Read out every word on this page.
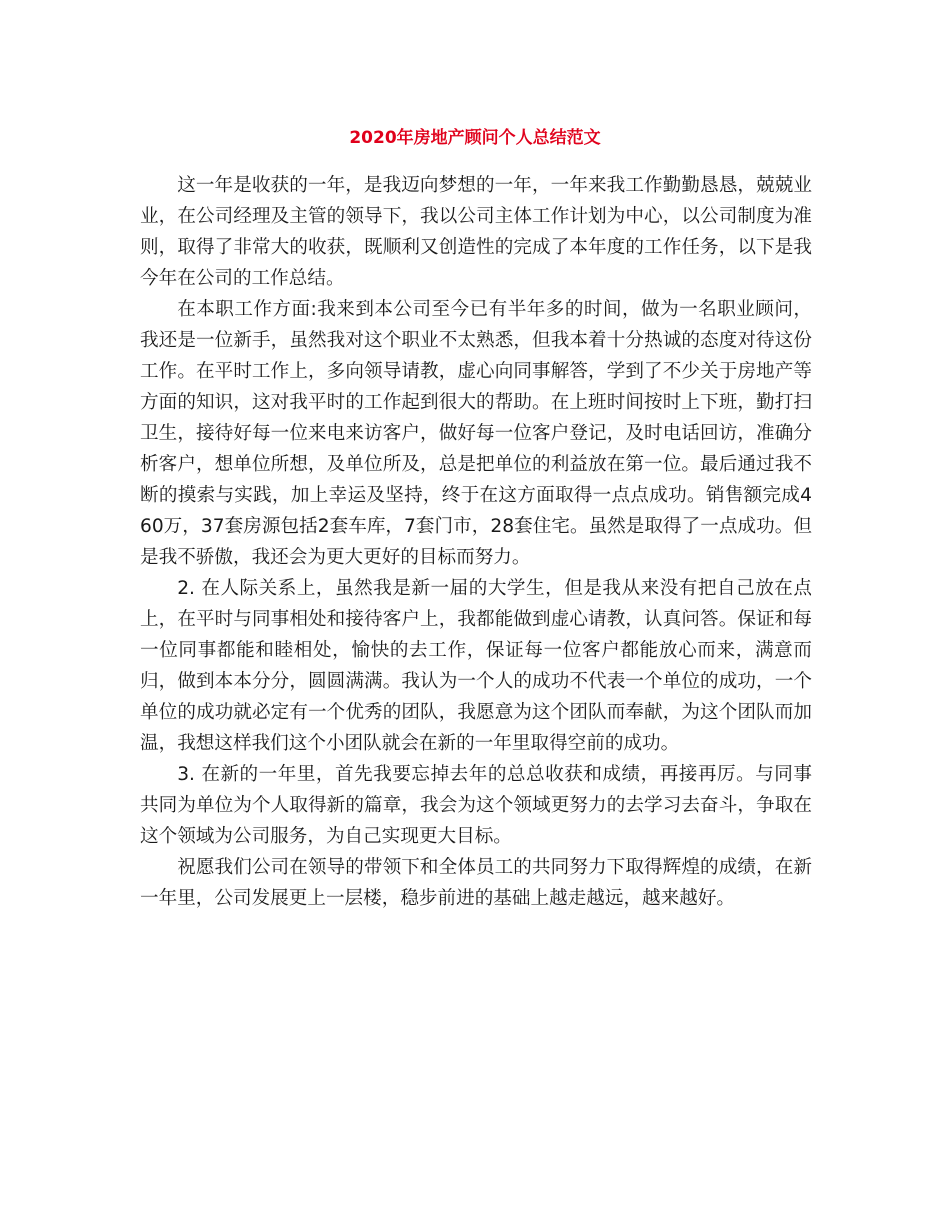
2020年房地产顾问个人总结范文

这一年是收获的一年，是我迈向梦想的一年，一年来我工作勤勤恳恳，兢兢业业，在公司经理及主管的领导下，我以公司主体工作计划为中心，以公司制度为准则，取得了非常大的收获，既顺利又创造性的完成了本年度的工作任务，以下是我今年在公司的工作总结。

在本职工作方面:我来到本公司至今已有半年多的时间，做为一名职业顾问，我还是一位新手，虽然我对这个职业不太熟悉，但我本着十分热诚的态度对待这份工作。在平时工作上，多向领导请教，虚心向同事解答，学到了不少关于房地产等方面的知识，这对我平时的工作起到很大的帮助。在上班时间按时上下班，勤打扫卫生，接待好每一位来电来访客户，做好每一位客户登记，及时电话回访，准确分析客户，想单位所想，及单位所及，总是把单位的利益放在第一位。最后通过我不断的摸索与实践，加上幸运及坚持，终于在这方面取得一点点成功。销售额完成460万，37套房源包括2套车库，7套门市，28套住宅。虽然是取得了一点成功。但是我不骄傲，我还会为更大更好的目标而努力。

2. 在人际关系上，虽然我是新一届的大学生，但是我从来没有把自己放在点上，在平时与同事相处和接待客户上，我都能做到虚心请教，认真问答。保证和每一位同事都能和睦相处，愉快的去工作，保证每一位客户都能放心而来，满意而归，做到本本分分，圆圆满满。我认为一个人的成功不代表一个单位的成功，一个单位的成功就必定有一个优秀的团队，我愿意为这个团队而奉献，为这个团队而加温，我想这样我们这个小团队就会在新的一年里取得空前的成功。

3. 在新的一年里，首先我要忘掉去年的总总收获和成绩，再接再厉。与同事共同为单位为个人取得新的篇章，我会为这个领域更努力的去学习去奋斗，争取在这个领域为公司服务，为自己实现更大目标。

祝愿我们公司在领导的带领下和全体员工的共同努力下取得辉煌的成绩，在新一年里，公司发展更上一层楼，稳步前进的基础上越走越远，越来越好。
